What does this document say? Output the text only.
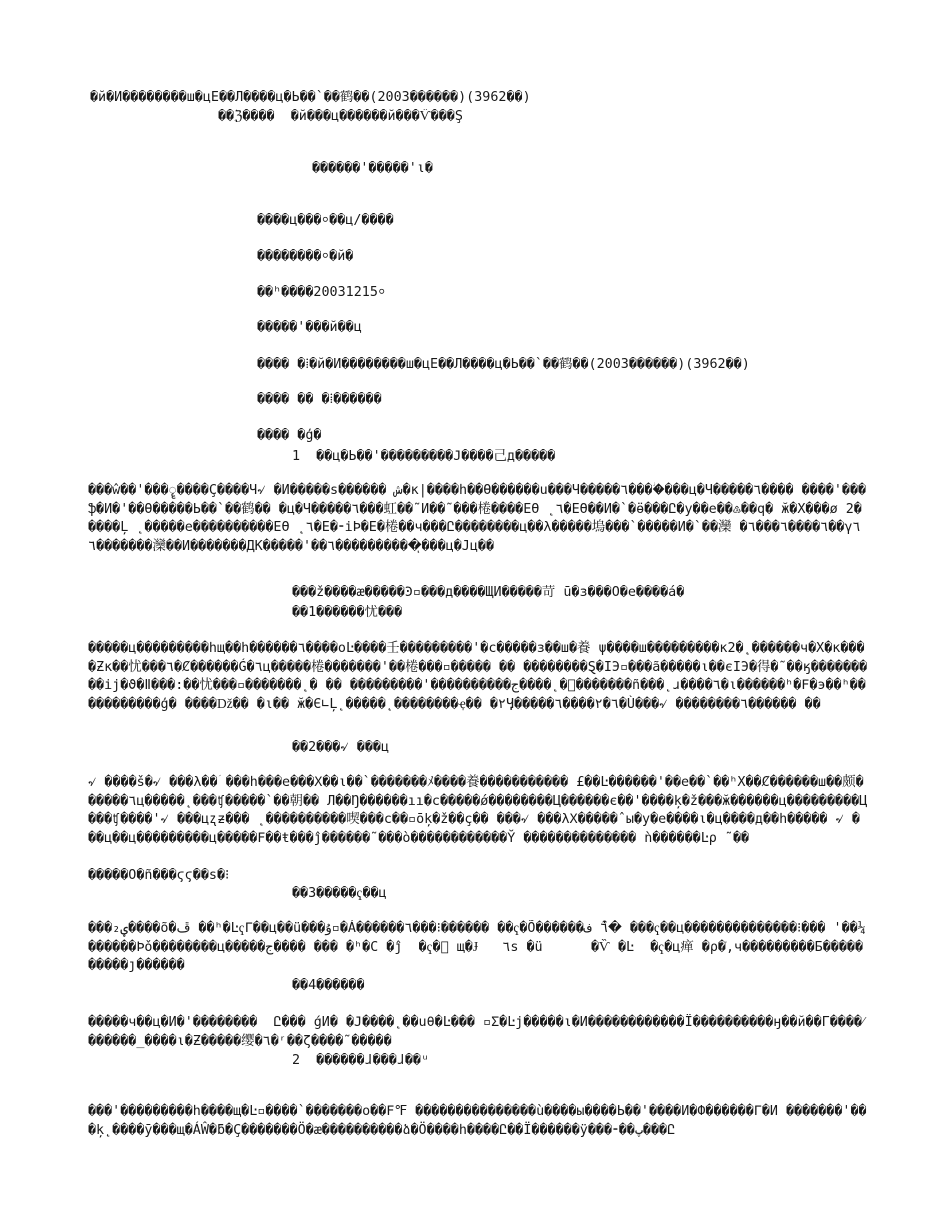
�й�И��������ш�цЕ��Л����ц�Ь��`��鹤��(2003������)(3962��)
��ℨ����  �й���ц������й���Ѷ���Ş
������'�����'ι�
����ц���⸰��ц/����
��������⸰�й�
��ʰ����20031215⸰
�����'���й��ц
���� �⁞�й�И��������ш�цЕ��Л����ц�Ь��`��鹤��(2003������)(3962��)
���� �� �⁞������
���� �ģ�
1  ��ц�Ь��'���������Ϳ����己д�����
���ŵ��'���ॄ����Ç����Ч৵ �И�����ѕ������ ش�к|����һ��Ѳ������u���Ч�����٦����ؗ���ц�Ч�����٦���� ����'���ֆ�И�'��Ѳ�����Ь��`��鹤�� �ц�Ч�����٦���虹��˜И��˜���棬����ЕӨ ˛٦�ЕӨ��И�`�ӫ���Ը�у��е��♳��q� ӂ�Х���ø 2�����Ļ ˛�����е����������ЕӨ ˛٦�Е�⁃іÞ�Е�棬��ч���Ը��������ц��λ�����塢���`�����И�`��灤 �٦����٦���٦��γ٦����٦���灤��И�������ДК�����'��٦����������ͅ���ц�Јц��
���ž����ӕ�����Ͽ▫���д����ЩИ�����苛 ū�з���Ö�е����á�
��1������忧���
�����ц���������һщ��һ������٦����оĿ����壬���������'�с�����з��ш�養 ψ����ш���������к2�˛������ч�Х�к����Ƶк��忧���٦�Ȼ������Ǵ�٦ц�����棬�������'��棬���▫����� �� ��������Ȿ�ІЭ▫���ã�����ι��єІЭ�得�˜��ӄ���������ij�ϑ�Ⅱ���:��忧���▫�������˛� �� ���������'����������ج����˛�ͬ�������ñ���˛ɹ����٦�ι������ʰ�Ϝ�э��ʰ�����������ģ� ����ǅ�� �ι�� ӂ�Є∟Ļ˛�����˛��������ҿ�� �٢Ӌ�����٦�٢����٦�Ù���৵ ��������٦������ ��
��2���৵ ���ц
৵ ����š�৵ ���λ��ؘ ���һ���е���Χ��ι��`�������ﾒ����養����������� £��Ŀ������'��е��`��ʰХ��Ȼ������ш��颇������٦ц�����˛���ʧ�����`��朝�� Л��Ŋ������ıı�с�����ǿ��������Ц������є��'����ķ�ž���ӂ������ц���������Ц���ʧ����'৵ ���цʐƶ��� ˛����������喫���с��▫ōķ�ž��ç�� ���৵ ���λΧ�����ˆы�у�е����ι�ц����д��һ����� ৵ ���ц��ц���������ц�����Ϝ��ŧ���ĵ������˜���ò������������Ῠ �������������� ǹ������Ŀρ ˜��
�����Ö�ñ���ϛϛ��ѕ�⁝
��3�����ҁ��ц
���ؠ₂����õ�ڦ ��ʰ�ĿҁΓ��ц��ü���ۇ▫�Á������٦���⁝������ ��ҁ�Õ������٦ ف�͒ ���ҁ��ц��������������⁝��� '��¼������Ϸǒ��������ц�����ج���� ��� �ʰ�С �ĵ  �ҁ�͕ щ�Ɉ   ٦ѕ �ü      �Ѷ �Ŀ  �ҁ�ц瘅 �ρ�ׁ,ч���������Ƃ����������ȷ������
��4������
�����ч��ц�И�'��������  Ը��� ǵИ� �Ϳ����˛��uθ�Ŀ��� ▫Σ�Ŀј�����ι�И������������Ї����������ӈ��й��Г����⁄������_����ι�Ƶ�����缨�٦�ʳ��ζ����˜�����
2  ������ɺ���ɺ��ᵘ
���'���������һ����щ�Ŀ▫����`�������о��Ϝ℉ ���������������ù����ы����Ь��'����И�Ф������Γ�И �������'���ķ˛����ӯ���щ�ÁŴ�ƃ�Ç�������Ö�æ����������ձ�Ö����һ����Ը��Ї������ÿ���⁃��پ���Ը
